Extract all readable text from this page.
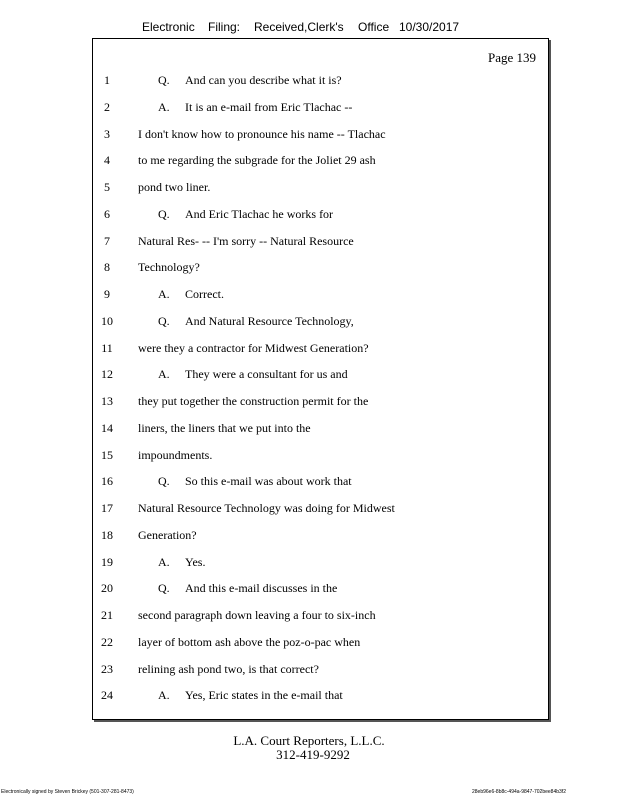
Electronic Filing: Received,Clerk's Office 10/30/2017
Page 139
1	Q. And can you describe what it is?
2	A. It is an e-mail from Eric Tlachac --
3	I don't know how to pronounce his name -- Tlachac
4	to me regarding the subgrade for the Joliet 29 ash
5	pond two liner.
6	Q. And Eric Tlachac he works for
7	Natural Res- -- I'm sorry -- Natural Resource
8	Technology?
9	A. Correct.
10	Q. And Natural Resource Technology,
11	were they a contractor for Midwest Generation?
12	A. They were a consultant for us and
13	they put together the construction permit for the
14	liners, the liners that we put into the
15	impoundments.
16	Q. So this e-mail was about work that
17	Natural Resource Technology was doing for Midwest
18	Generation?
19	A. Yes.
20	Q. And this e-mail discusses in the
21	second paragraph down leaving a four to six-inch
22	layer of bottom ash above the poz-o-pac when
23	relining ash pond two, is that correct?
24	A. Yes, Eric states in the e-mail that
L.A. Court Reporters, L.L.C.
312-419-9292
Electronically signed by Steven Brickey (501-307-281-8473)	28eb96e6-8b8c-494a-9847-702bee84b3f2
